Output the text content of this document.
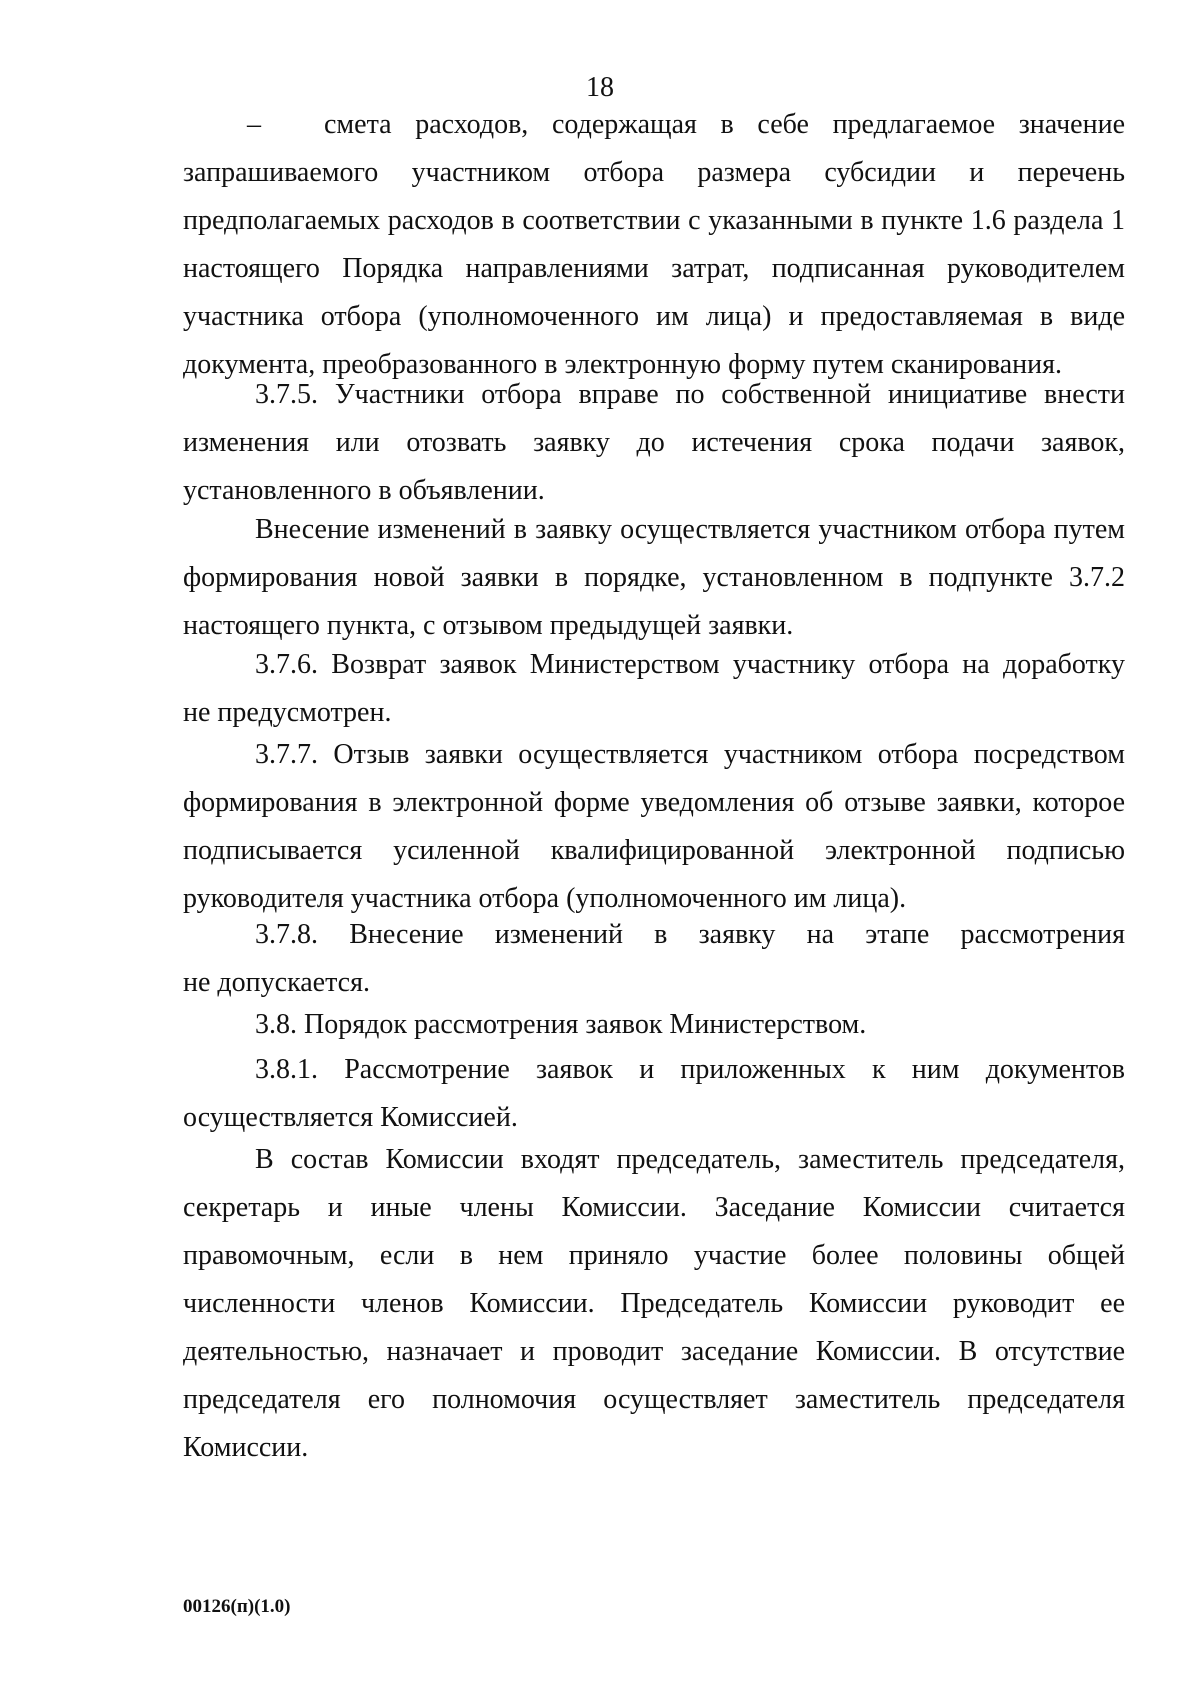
18
– смета расходов, содержащая в себе предлагаемое значение
запрашиваемого участником отбора размера субсидии и перечень
предполагаемых расходов в соответствии с указанными в пункте 1.6 раздела 1
настоящего Порядка направлениями затрат, подписанная руководителем
участника отбора (уполномоченного им лица) и предоставляемая в виде
документа, преобразованного в электронную форму путем сканирования.
3.7.5. Участники отбора вправе по собственной инициативе внести
изменения или отозвать заявку до истечения срока подачи заявок,
установленного в объявлении.
Внесение изменений в заявку осуществляется участником отбора путем
формирования новой заявки в порядке, установленном в подпункте 3.7.2
настоящего пункта, с отзывом предыдущей заявки.
3.7.6. Возврат заявок Министерством участнику отбора на доработку
не предусмотрен.
3.7.7. Отзыв заявки осуществляется участником отбора посредством
формирования в электронной форме уведомления об отзыве заявки, которое
подписывается усиленной квалифицированной электронной подписью
руководителя участника отбора (уполномоченного им лица).
3.7.8. Внесение изменений в заявку на этапе рассмотрения
не допускается.
3.8. Порядок рассмотрения заявок Министерством.
3.8.1. Рассмотрение заявок и приложенных к ним документов
осуществляется Комиссией.
В состав Комиссии входят председатель, заместитель председателя,
секретарь и иные члены Комиссии. Заседание Комиссии считается
правомочным, если в нем приняло участие более половины общей
численности членов Комиссии. Председатель Комиссии руководит ее
деятельностью, назначает и проводит заседание Комиссии. В отсутствие
председателя его полномочия осуществляет заместитель председателя
Комиссии.
00126(п)(1.0)
